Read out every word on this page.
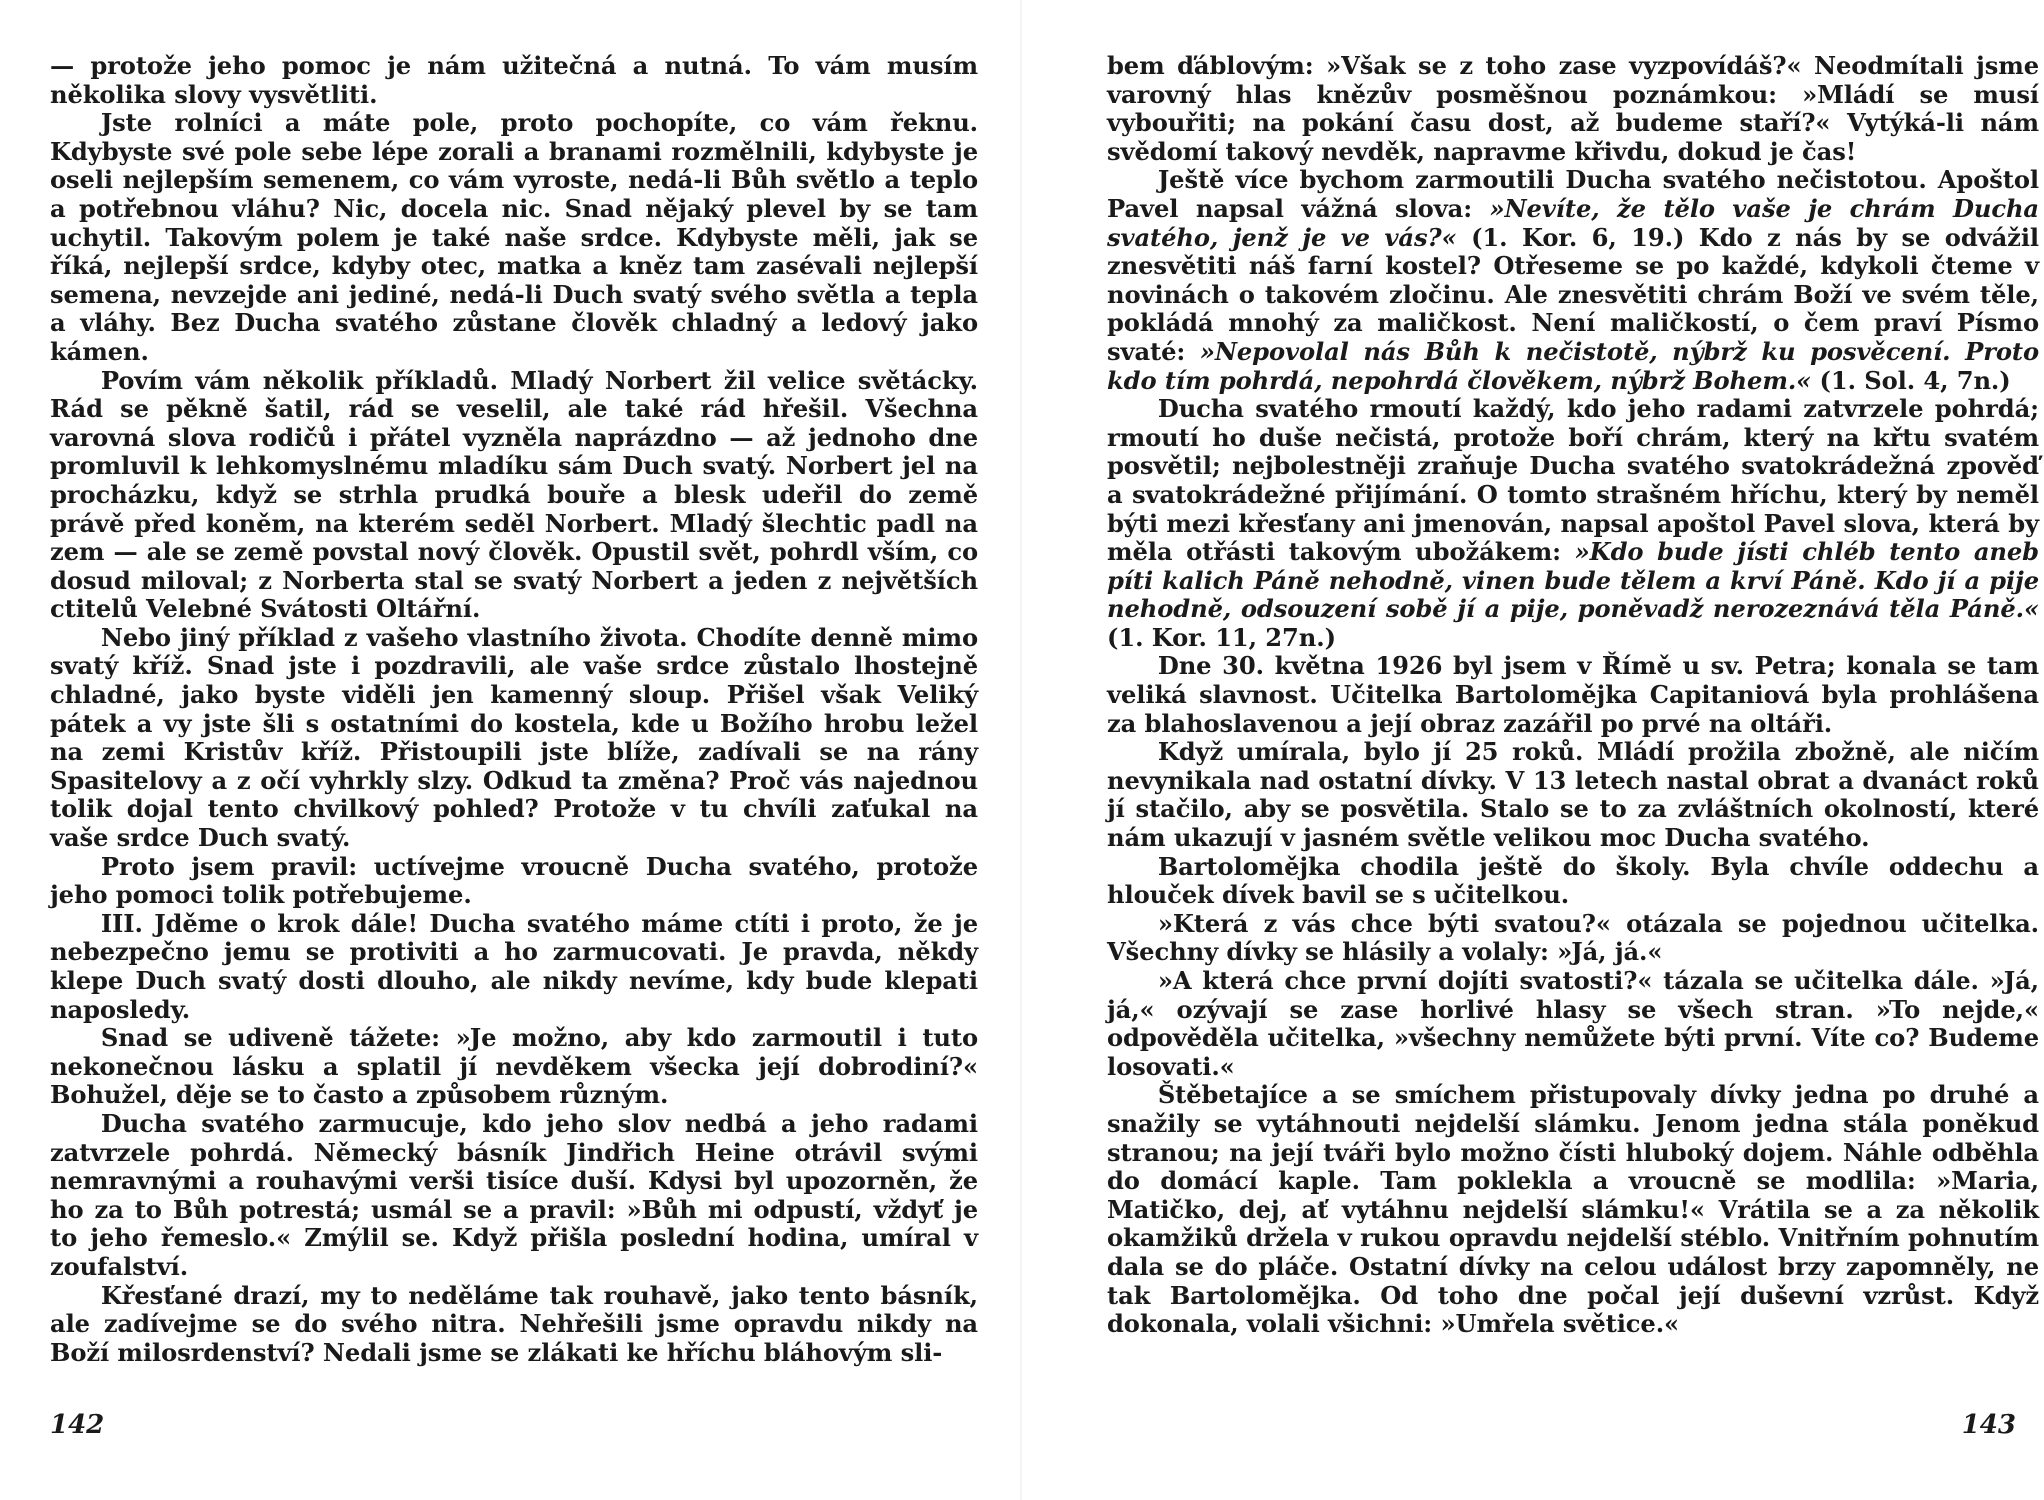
— protože jeho pomoc je nám užitečná a nutná. To vám musím několika slovy vysvětliti.

Jste rolníci a máte pole, proto pochopíte, co vám řeknu. Kdybyste své pole sebe lépe zorali a branami rozmělnili, kdybyste je oseli nejlepším semenem, co vám vyroste, nedá-li Bůh světlo a teplo a potřebnou vláhu? Nic, docela nic. Snad nějaký plevel by se tam uchytil. Takovým polem je také naše srdce. Kdybyste měli, jak se říká, nejlepší srdce, kdyby otec, matka a kněz tam zasévali nejlepší semena, nevzejde ani jediné, nedá-li Duch svatý svého světla a tepla a vláhy. Bez Ducha svatého zůstane člověk chladný a ledový jako kámen.

Povím vám několik příkladů. Mladý Norbert žil velice světácky. Rád se pěkně šatil, rád se veselil, ale také rád hřešil. Všechna varovná slova rodičů i přátel vyzněla naprázdno — až jednoho dne promluvil k lehkomyslnému mladíku sám Duch svatý. Norbert jel na procházku, když se strhla prudká bouře a blesk udeřil do země právě před koněm, na kterém seděl Norbert. Mladý šlechtic padl na zem — ale se země povstal nový člověk. Opustil svět, pohrdl vším, co dosud miloval; z Norberta stal se svatý Norbert a jeden z největších ctitelů Velebné Svátosti Oltářní.

Nebo jiný příklad z vašeho vlastního života. Chodíte denně mimo svatý kříž. Snad jste i pozdravili, ale vaše srdce zůstalo lhostejně chladné, jako byste viděli jen kamenný sloup. Přišel však Veliký pátek a vy jste šli s ostatními do kostela, kde u Božího hrobu ležel na zemi Kristův kříž. Přistoupili jste blíže, zadívali se na rány Spasitelovy a z očí vyhrkly slzy. Odkud ta změna? Proč vás najednou tolik dojal tento chvilkový pohled? Protože v tu chvíli zaťukal na vaše srdce Duch svatý.

Proto jsem pravil: uctívejme vroucně Ducha svatého, protože jeho pomoci tolik potřebujeme.

III. Jděme o krok dále! Ducha svatého máme ctíti i proto, že je nebezpečno jemu se protiviti a ho zarmucovati. Je pravda, někdy klepe Duch svatý dosti dlouho, ale nikdy nevíme, kdy bude klepati naposledy.

Snad se udiveně tážete: »Je možno, aby kdo zarmoutil i tuto nekonečnou lásku a splatil jí nevděkem všecka její dobrodiní?« Bohužel, děje se to často a způsobem různým.

Ducha svatého zarmucuje, kdo jeho slov nedbá a jeho radami zatvrzele pohrdá. Německý básník Jindřich Heine otrávil svými nemravnými a rouhavými verši tisíce duší. Kdysi byl upozorněn, že ho za to Bůh potrestá; usmál se a pravil: »Bůh mi odpustí, vždyť je to jeho řemeslo.« Zmýlil se. Když přišla poslední hodina, umíral v zoufalství.

Křesťané drazí, my to neděláme tak rouhavě, jako tento básník, ale zadívejme se do svého nitra. Nehřešili jsme opravdu nikdy na Boží milosrdenství? Nedali jsme se zlákati ke hříchu bláhovým sli-

142

bem ďáblovým: »Však se z toho zase vyzpovídáš?« Neodmítali jsme varovný hlas knězův posměšnou poznámkou: »Mládí se musí vybouřiti; na pokání času dost, až budeme staří?« Vytýká-li nám svědomí takový nevděk, napravme křivdu, dokud je čas!

Ještě více bychom zarmoutili Ducha svatého nečistotou. Apoštol Pavel napsal vážná slova: »Nevíte, že tělo vaše je chrám Ducha svatého, jenž je ve vás?« (1. Kor. 6, 19.) Kdo z nás by se odvážil znesvětiti náš farní kostel? Otřeseme se po každé, kdykoli čteme v novinách o takovém zločinu. Ale znesvětiti chrám Boží ve svém těle, pokládá mnohý za maličkost. Není maličkostí, o čem praví Písmo svaté: »Nepovolal nás Bůh k nečistotě, nýbrž ku posvěcení. Proto kdo tím pohrdá, nepohrdá člověkem, nýbrž Bohem.« (1. Sol. 4, 7n.)

Ducha svatého rmoutí každý, kdo jeho radami zatvrzele pohrdá; rmoutí ho duše nečistá, protože boří chrám, který na křtu svatém posvětil; nejbolestněji zraňuje Ducha svatého svatokrádežná zpověď a svatokrádežné přijímání. O tomto strašném hříchu, který by neměl býti mezi křesťany ani jmenován, napsal apoštol Pavel slova, která by měla otřásti takovým ubožákem: »Kdo bude jísti chléb tento aneb píti kalich Páně nehodně, vinen bude tělem a krví Páně. Kdo jí a pije nehodně, odsouzení sobě jí a pije, poněvadž nerozeznává těla Páně.« (1. Kor. 11, 27n.)

Dne 30. května 1926 byl jsem v Římě u sv. Petra; konala se tam veliká slavnost. Učitelka Bartolomějka Capitaniová byla prohlášena za blahoslavenou a její obraz zazářil po prvé na oltáři.

Když umírala, bylo jí 25 roků. Mládí prožila zbožně, ale ničím nevynikala nad ostatní dívky. V 13 letech nastal obrat a dvanáct roků jí stačilo, aby se posvětila. Stalo se to za zvláštních okolností, které nám ukazují v jasném světle velikou moc Ducha svatého.

Bartolomějka chodila ještě do školy. Byla chvíle oddechu a hlouček dívek bavil se s učitelkou.

»Která z vás chce býti svatou?« otázala se pojednou učitelka. Všechny dívky se hlásily a volaly: »Já, já.«

»A která chce první dojíti svatosti?« tázala se učitelka dále. »Já, já,« ozývají se zase horlivé hlasy se všech stran. »To nejde,« odpověděla učitelka, »všechny nemůžete býti první. Víte co? Budeme losovati.«

Štěbetajíce a se smíchem přistupovaly dívky jedna po druhé a snažily se vytáhnouti nejdelší slámku. Jenom jedna stála poněkud stranou; na její tváři bylo možno čísti hluboký dojem. Náhle odběhla do domácí kaple. Tam poklekla a vroucně se modlila: »Maria, Matičko, dej, ať vytáhnu nejdelší slámku!« Vrátila se a za několik okamžiků držela v rukou opravdu nejdelší stéblo. Vnitřním pohnutím dala se do pláče. Ostatní dívky na celou událost brzy zapomněly, ne tak Bartolomějka. Od toho dne počal její duševní vzrůst. Když dokonala, volali všichni: »Umřela světice.«

143
